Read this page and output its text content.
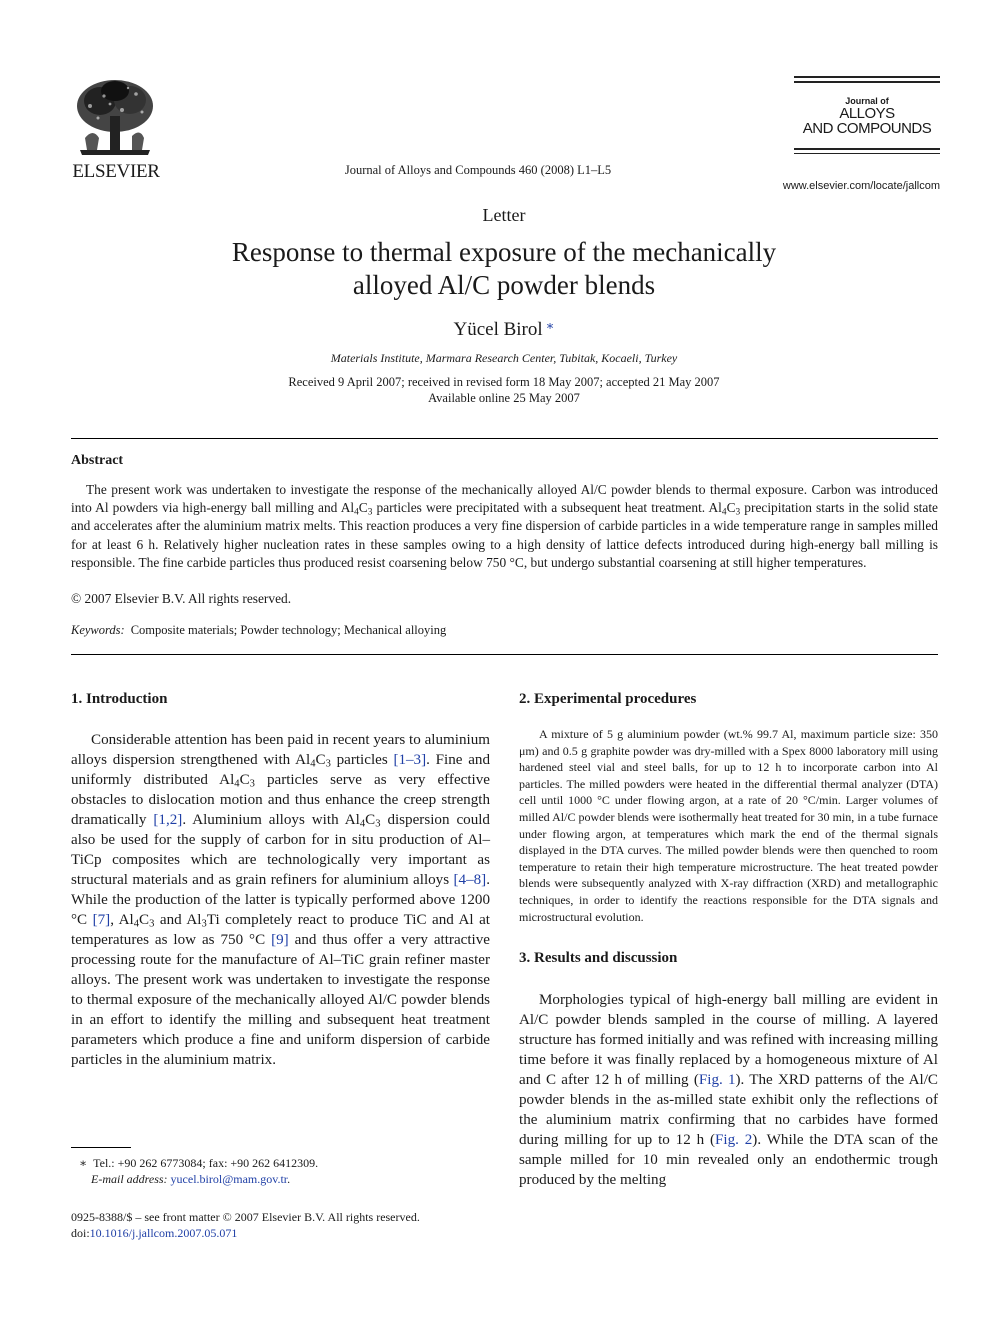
ELSEVIER	Journal of Alloys and Compounds 460 (2008) L1–L5
Journal of
ALLOYS
AND COMPOUNDS
www.elsevier.com/locate/jallcom
Letter
Response to thermal exposure of the mechanically
alloyed Al/C powder blends
Yücel Birol ∗
Materials Institute, Marmara Research Center, Tubitak, Kocaeli, Turkey
Received 9 April 2007; received in revised form 18 May 2007; accepted 21 May 2007
Available online 25 May 2007
Abstract

The present work was undertaken to investigate the response of the mechanically alloyed Al/C powder blends to thermal exposure. Carbon was introduced into Al powders via high-energy ball milling and $Al_4C_3$ particles were precipitated with a subsequent heat treatment. $Al_4C_3$ precipitation starts in the solid state and accelerates after the aluminium matrix melts. This reaction produces a very fine dispersion of carbide particles in a wide temperature range in samples milled for at least 6 h. Relatively higher nucleation rates in these samples owing to a high density of lattice defects introduced during high-energy ball milling is responsible. The fine carbide particles thus produced resist coarsening below 750 °C, but undergo substantial coarsening at still higher temperatures.

© 2007 Elsevier B.V. All rights reserved.
Keywords: Composite materials; Powder technology; Mechanical alloying
1. Introduction	2. Experimental procedures
3. Results and discussion

Considerable attention has been paid in recent years to aluminium alloys dispersion strengthened with $Al_4C_3$ particles [1–3]. Fine and uniformly distributed $Al_4C_3$ particles serve as very effective obstacles to dislocation motion and thus enhance the creep strength dramatically [1,2]. Aluminium alloys with $Al_4C_3$ dispersion could also be used for the supply of carbon for in situ production of Al–TiCp composites which are technologically very important as structural materials and as grain refiners for aluminium alloys [4–8]. While the production of the latter is typically performed above 1200 °C [7], $Al_4C_3$ and $Al_3Ti$ completely react to produce TiC and Al at temperatures as low as 750 °C [9] and thus offer a very attractive processing route for the manufacture of Al–TiC grain refiner master alloys. The present work was undertaken to investigate the response to thermal exposure of the mechanically alloyed Al/C powder blends in an effort to identify the milling and subsequent heat treatment parameters which produce a fine and uniform dispersion of carbide particles in the aluminium matrix.

A mixture of 5 g aluminium powder (wt.% 99.7 Al, maximum particle size: 350 μm) and 0.5 g graphite powder was dry-milled with a Spex 8000 laboratory mill using hardened steel vial and steel balls, for up to 12 h to incorporate carbon into Al particles. The milled powders were heated in the differential thermal analyzer (DTA) cell until 1000 °C under flowing argon, at a rate of 20 °C/min. Larger volumes of milled Al/C powder blends were isothermally heat treated for 30 min, in a tube furnace under flowing argon, at temperatures which mark the end of the thermal signals displayed in the DTA curves. The milled powder blends were then quenched to room temperature to retain their high temperature microstructure. The heat treated powder blends were subsequently analyzed with X-ray diffraction (XRD) and metallographic techniques, in order to identify the reactions responsible for the DTA signals and microstructural evolution.

Morphologies typical of high-energy ball milling are evident in Al/C powder blends sampled in the course of milling. A layered structure has formed initially and was refined with increasing milling time before it was finally replaced by a homogeneous mixture of Al and C after 12 h of milling (Fig. 1). The XRD patterns of the Al/C powder blends in the as-milled state exhibit only the reflections of the aluminium matrix confirming that no carbides have formed during milling for up to 12 h (Fig. 2). While the DTA scan of the sample milled for 10 min revealed only an endothermic trough produced by the melting

∗ Tel.: +90 262 6773084; fax: +90 262 6412309.
E-mail address: yucel.birol@mam.gov.tr.
0925-8388/$ – see front matter © 2007 Elsevier B.V. All rights reserved.
doi:10.1016/j.jallcom.2007.05.071
